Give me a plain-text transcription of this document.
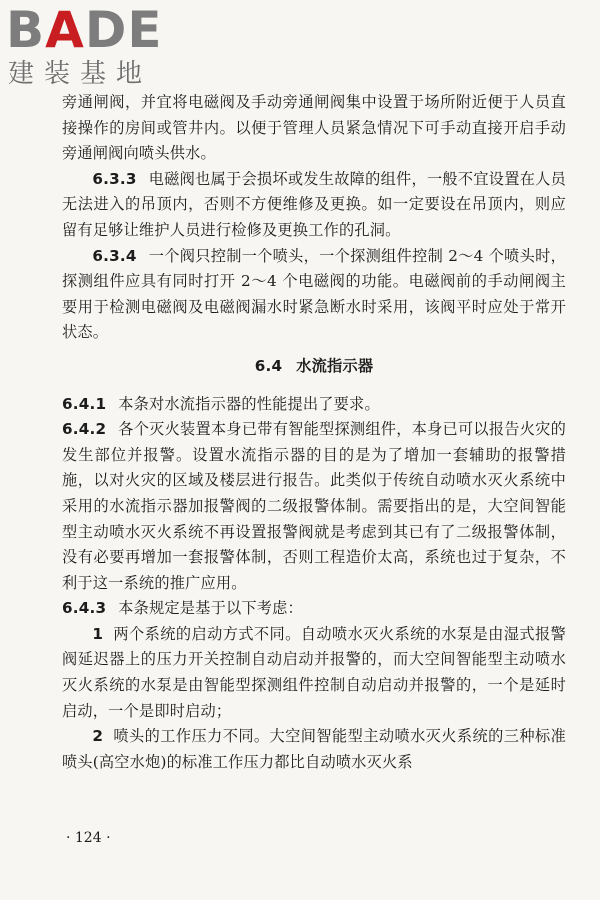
BADE
建装基地

旁通闸阀，并宜将电磁阀及手动旁通闸阀集中设置于场所附近便于人员直接操作的房间或管井内。以便于管理人员紧急情况下可手动直接开启手动旁通闸阀向喷头供水。

6.3.3 电磁阀也属于会损坏或发生故障的组件，一般不宜设置在人员无法进入的吊顶内，否则不方便维修及更换。如一定要设在吊顶内，则应留有足够让维护人员进行检修及更换工作的孔洞。

6.3.4 一个阀只控制一个喷头，一个探测组件控制 2～4 个喷头时，探测组件应具有同时打开 2～4 个电磁阀的功能。电磁阀前的手动闸阀主要用于检测电磁阀及电磁阀漏水时紧急断水时采用，该阀平时应处于常开状态。

6.4 水流指示器

6.4.1 本条对水流指示器的性能提出了要求。

6.4.2 各个灭火装置本身已带有智能型探测组件，本身已可以报告火灾的发生部位并报警。设置水流指示器的目的是为了增加一套辅助的报警措施，以对火灾的区域及楼层进行报告。此类似于传统自动喷水灭火系统中采用的水流指示器加报警阀的二级报警体制。需要指出的是，大空间智能型主动喷水灭火系统不再设置报警阀就是考虑到其已有了二级报警体制，没有必要再增加一套报警体制，否则工程造价太高，系统也过于复杂，不利于这一系统的推广应用。

6.4.3 本条规定是基于以下考虑：

1 两个系统的启动方式不同。自动喷水灭火系统的水泵是由湿式报警阀延迟器上的压力开关控制自动启动并报警的，而大空间智能型主动喷水灭火系统的水泵是由智能型探测组件控制自动启动并报警的，一个是延时启动，一个是即时启动；

2 喷头的工作压力不同。大空间智能型主动喷水灭火系统的三种标准喷头(高空水炮)的标准工作压力都比自动喷水灭火系

· 124 ·
